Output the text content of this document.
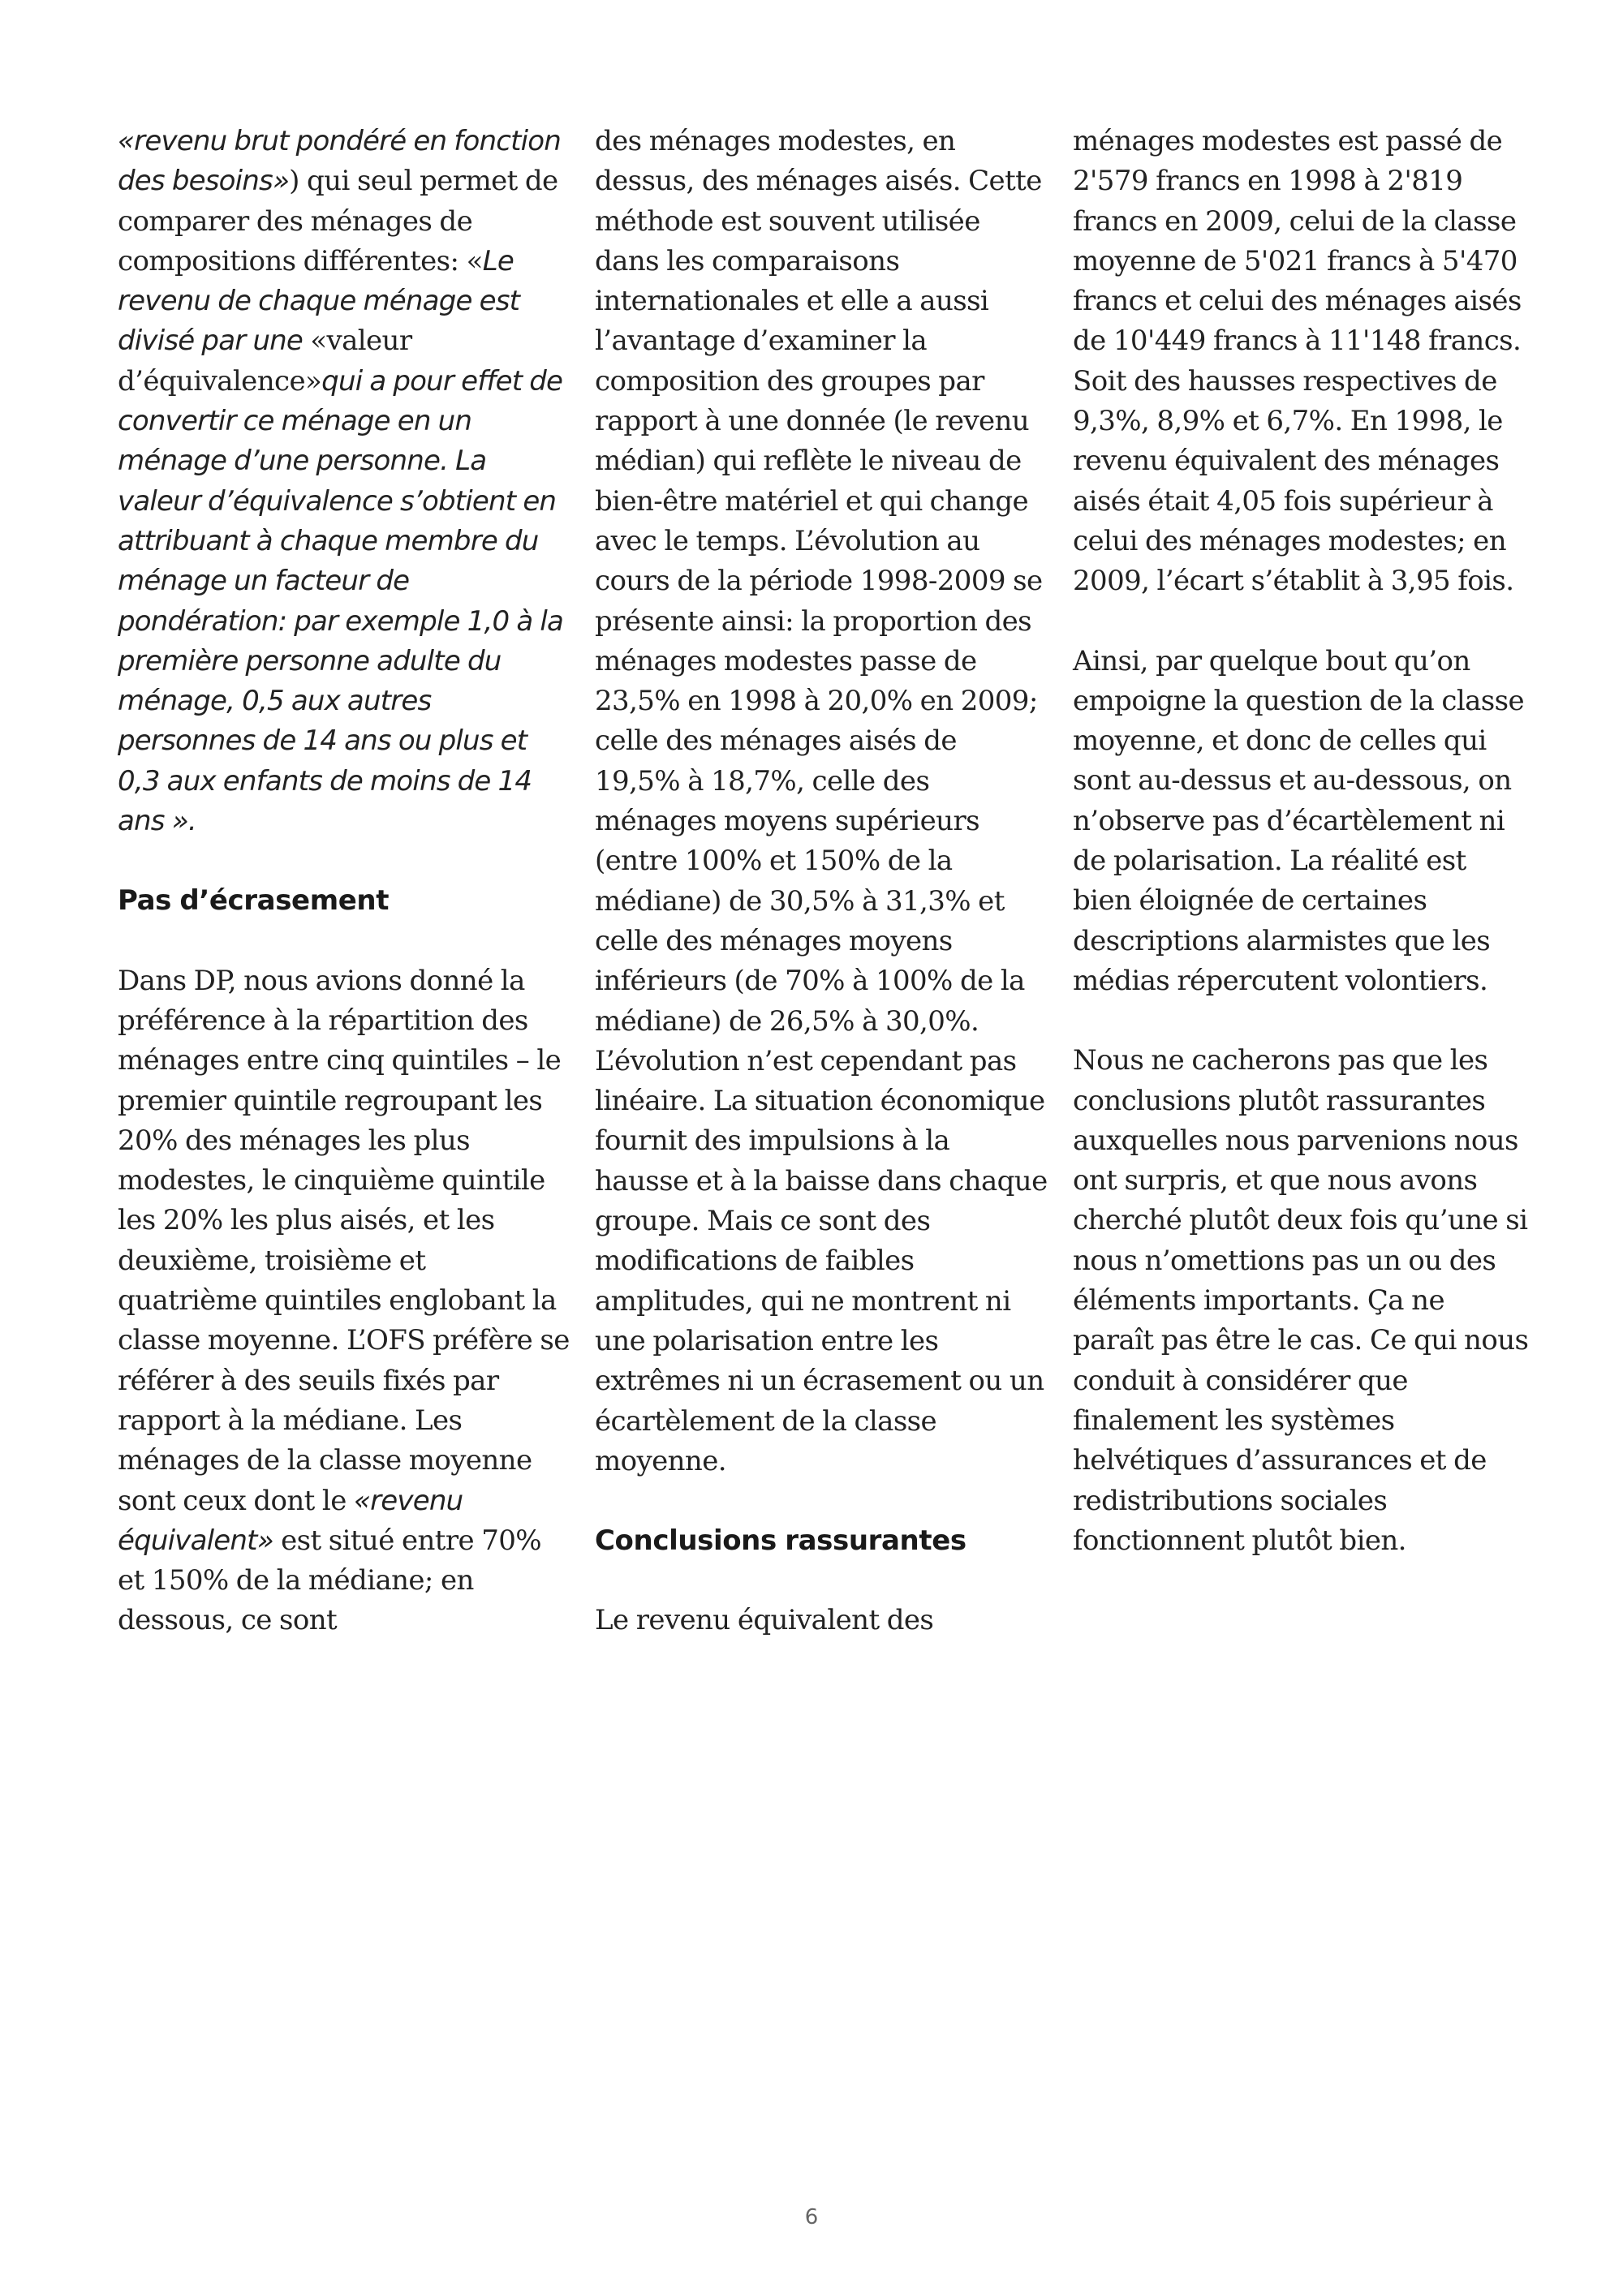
«revenu brut pondéré en fonction des besoins») qui seul permet de comparer des ménages de compositions différentes: «Le revenu de chaque ménage est divisé par une «valeur d’équivalence»qui a pour effet de convertir ce ménage en un ménage d’une personne. La valeur d’équivalence s’obtient en attribuant à chaque membre du ménage un facteur de pondération: par exemple 1,0 à la première personne adulte du ménage, 0,5 aux autres personnes de 14 ans ou plus et 0,3 aux enfants de moins de 14 ans ».

Pas d’écrasement

Dans DP, nous avions donné la préférence à la répartition des ménages entre cinq quintiles – le premier quintile regroupant les 20% des ménages les plus modestes, le cinquième quintile les 20% les plus aisés, et les deuxième, troisième et quatrième quintiles englobant la classe moyenne. L’OFS préfère se référer à des seuils fixés par rapport à la médiane. Les ménages de la classe moyenne sont ceux dont le «revenu équivalent» est situé entre 70% et 150% de la médiane; en dessous, ce sont

des ménages modestes, en dessus, des ménages aisés. Cette méthode est souvent utilisée dans les comparaisons internationales et elle a aussi l’avantage d’examiner la composition des groupes par rapport à une donnée (le revenu médian) qui reflète le niveau de bien-être matériel et qui change avec le temps. L’évolution au cours de la période 1998-2009 se présente ainsi: la proportion des ménages modestes passe de 23,5% en 1998 à 20,0% en 2009; celle des ménages aisés de 19,5% à 18,7%, celle des ménages moyens supérieurs (entre 100% et 150% de la médiane) de 30,5% à 31,3% et celle des ménages moyens inférieurs (de 70% à 100% de la médiane) de 26,5% à 30,0%. L’évolution n’est cependant pas linéaire. La situation économique fournit des impulsions à la hausse et à la baisse dans chaque groupe. Mais ce sont des modifications de faibles amplitudes, qui ne montrent ni une polarisation entre les extrêmes ni un écrasement ou un écartèlement de la classe moyenne.

Conclusions rassurantes

Le revenu équivalent des

ménages modestes est passé de 2'579 francs en 1998 à 2'819 francs en 2009, celui de la classe moyenne de 5'021 francs à 5'470 francs et celui des ménages aisés de 10'449 francs à 11'148 francs. Soit des hausses respectives de 9,3%, 8,9% et 6,7%. En 1998, le revenu équivalent des ménages aisés était 4,05 fois supérieur à celui des ménages modestes; en 2009, l’écart s’établit à 3,95 fois.

Ainsi, par quelque bout qu’on empoigne la question de la classe moyenne, et donc de celles qui sont au-dessus et au-dessous, on n’observe pas d’écartèlement ni de polarisation. La réalité est bien éloignée de certaines descriptions alarmistes que les médias répercutent volontiers.

Nous ne cacherons pas que les conclusions plutôt rassurantes auxquelles nous parvenions nous ont surpris, et que nous avons cherché plutôt deux fois qu’une si nous n’omettions pas un ou des éléments importants. Ça ne paraît pas être le cas. Ce qui nous conduit à considérer que finalement les systèmes helvétiques d’assurances et de redistributions sociales fonctionnent plutôt bien.

6
